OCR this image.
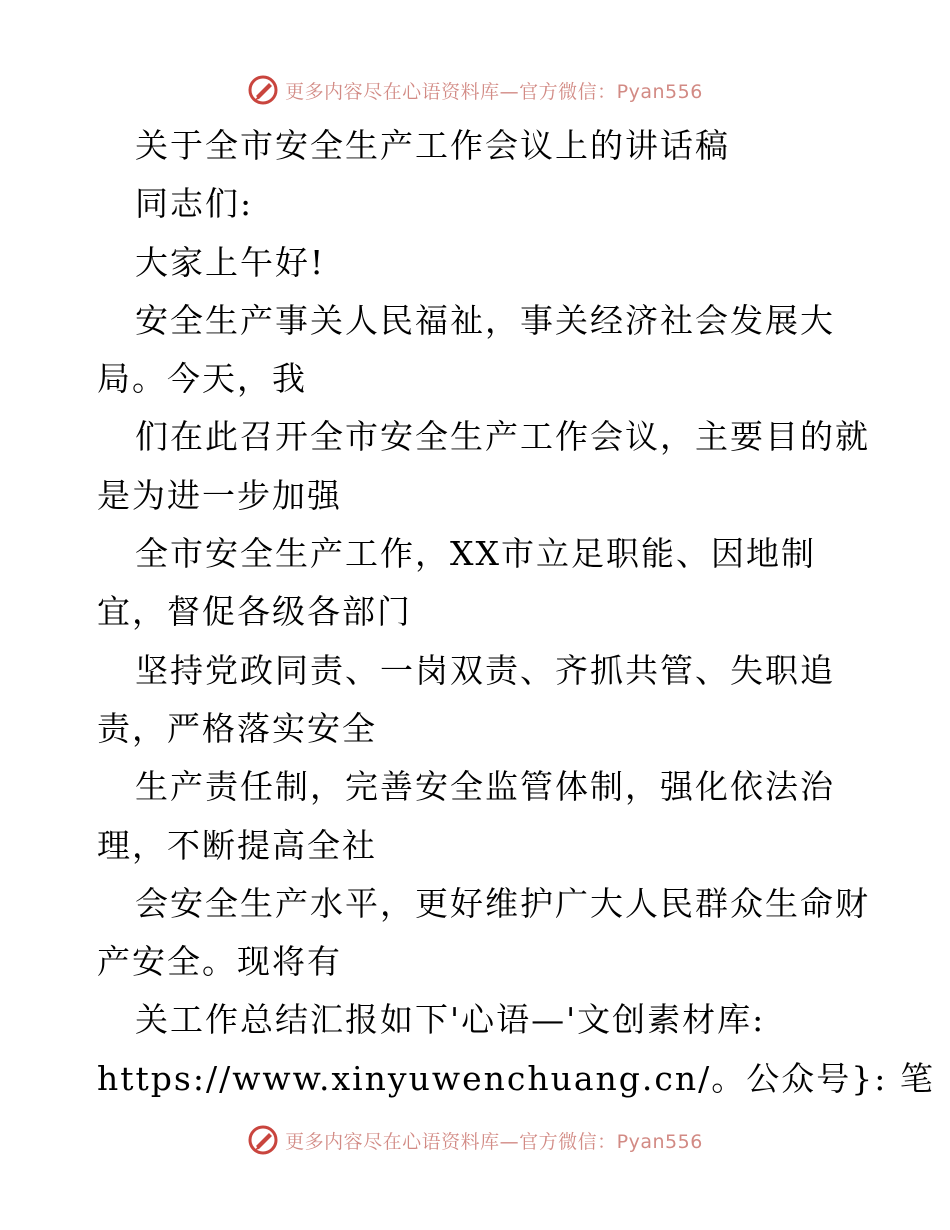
更多内容尽在心语资料库—官方微信：Pyan556
关于全市安全生产工作会议上的讲话稿
同志们:
大家上午好!
安全生产事关人民福祉，事关经济社会发展大
局。今天，我
们在此召开全市安全生产工作会议，主要目的就
是为进一步加强
全市安全生产工作，XX市立足职能、因地制
宜，督促各级各部门
坚持党政同责、一岗双责、齐抓共管、失职追
责，严格落实安全
生产责任制，完善安全监管体制，强化依法治
理，不断提高全社
会安全生产水平，更好维护广大人民群众生命财
产安全。现将有
关工作总结汇报如下'心语—'文创素材库:
https://www.xinyuwenchuang.cn/。公众号}: 笔
更多内容尽在心语资料库—官方微信：Pyan556
